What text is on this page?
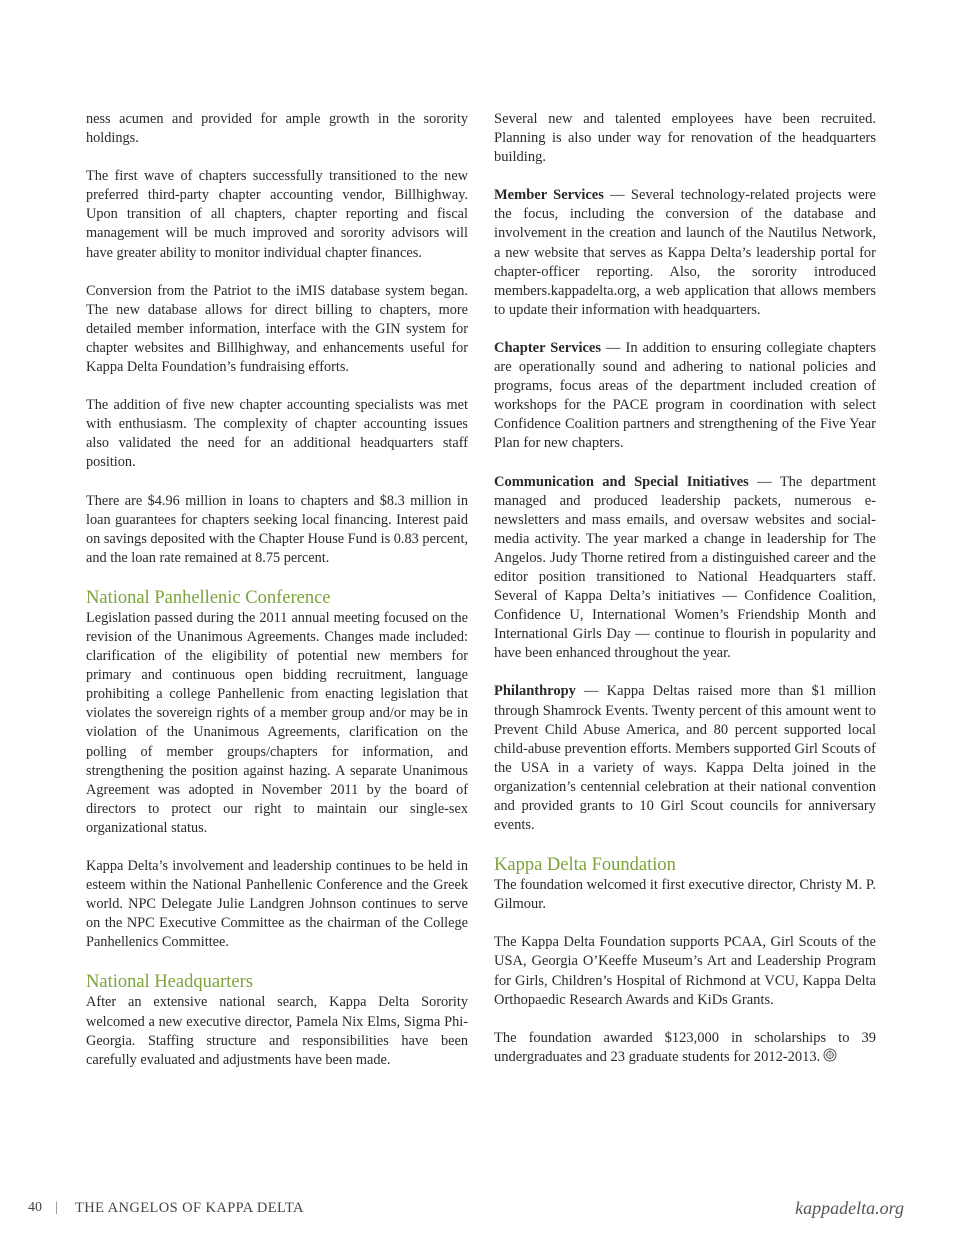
ness acumen and provided for ample growth in the sorority holdings.

The first wave of chapters successfully transitioned to the new preferred third-party chapter accounting vendor, Billhighway. Upon transition of all chapters, chapter reporting and fiscal management will be much improved and sorority advisors will have greater ability to monitor individual chapter finances.

Conversion from the Patriot to the iMIS database system began. The new database allows for direct billing to chapters, more detailed member information, interface with the GIN system for chapter websites and Billhighway, and enhancements useful for Kappa Delta Foundation’s fundraising efforts.

The addition of five new chapter accounting specialists was met with enthusiasm. The complexity of chapter accounting issues also validated the need for an additional headquarters staff position.

There are $4.96 million in loans to chapters and $8.3 million in loan guarantees for chapters seeking local financing. Interest paid on savings deposited with the Chapter House Fund is 0.83 percent, and the loan rate remained at 8.75 percent.

National Panhellenic Conference

Legislation passed during the 2011 annual meeting focused on the revision of the Unanimous Agreements. Changes made included: clarification of the eligibility of potential new members for primary and continuous open bidding recruitment, language prohibiting a college Panhellenic from enacting legislation that violates the sovereign rights of a member group and/or may be in violation of the Unanimous Agreements, clarification on the polling of member groups/chapters for information, and strengthening the position against hazing. A separate Unanimous Agreement was adopted in November 2011 by the board of directors to protect our right to maintain our single-sex organizational status.

Kappa Delta’s involvement and leadership continues to be held in esteem within the National Panhellenic Conference and the Greek world. NPC Delegate Julie Landgren Johnson continues to serve on the NPC Executive Committee as the chairman of the College Panhellenics Committee.

National Headquarters

After an extensive national search, Kappa Delta Sorority welcomed a new executive director, Pamela Nix Elms, Sigma Phi-Georgia. Staffing structure and responsibilities have been carefully evaluated and adjustments have been made.

Several new and talented employees have been recruited. Planning is also under way for renovation of the headquarters building.

Member Services — Several technology-related projects were the focus, including the conversion of the database and involvement in the creation and launch of the Nautilus Network, a new website that serves as Kappa Delta’s leadership portal for chapter-officer reporting. Also, the sorority introduced members.kappadelta.org, a web application that allows members to update their information with headquarters.

Chapter Services — In addition to ensuring collegiate chapters are operationally sound and adhering to national policies and programs, focus areas of the department included creation of workshops for the PACE program in coordination with select Confidence Coalition partners and strengthening of the Five Year Plan for new chapters.

Communication and Special Initiatives — The department managed and produced leadership packets, numerous e-newsletters and mass emails, and oversaw websites and social-media activity. The year marked a change in leadership for The Angelos. Judy Thorne retired from a distinguished career and the editor position transitioned to National Headquarters staff. Several of Kappa Delta’s initiatives — Confidence Coalition, Confidence U, International Women’s Friendship Month and International Girls Day — continue to flourish in popularity and have been enhanced throughout the year.

Philanthropy — Kappa Deltas raised more than $1 million through Shamrock Events. Twenty percent of this amount went to Prevent Child Abuse America, and 80 percent supported local child-abuse prevention efforts. Members supported Girl Scouts of the USA in a variety of ways. Kappa Delta joined in the organization’s centennial celebration at their national convention and provided grants to 10 Girl Scout councils for anniversary events.

Kappa Delta Foundation

The foundation welcomed it first executive director, Christy M. P. Gilmour.

The Kappa Delta Foundation supports PCAA, Girl Scouts of the USA, Georgia O’Keeffe Museum’s Art and Leadership Program for Girls, Children’s Hospital of Richmond at VCU, Kappa Delta Orthopaedic Research Awards and KiDs Grants.

The foundation awarded $123,000 in scholarships to 39 undergraduates and 23 graduate students for 2012-2013.

40 | THE ANGELOS OF KAPPA DELTA	kappadelta.org
